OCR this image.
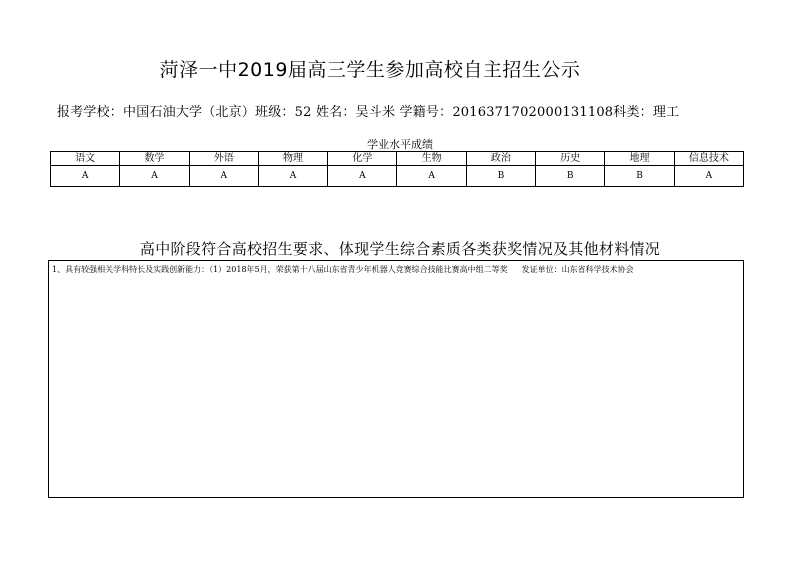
菏泽一中2019届高三学生参加高校自主招生公示
报考学校：中国石油大学（北京）班级：52 姓名：吴斗米 学籍号：2016371702000131108科类：理工
学业水平成绩
语文	数学	外语	物理	化学	生物	政治	历史	地理	信息技术
A	A	A	A	A	A	B	B	B	A
高中阶段符合高校招生要求、体现学生综合素质各类获奖情况及其他材料情况
1、具有较强相关学科特长及实践创新能力：（1）2018年5月，荣获第十八届山东省青少年机器人竞赛综合技能比赛高中组二等奖 发证单位：山东省科学技术协会
